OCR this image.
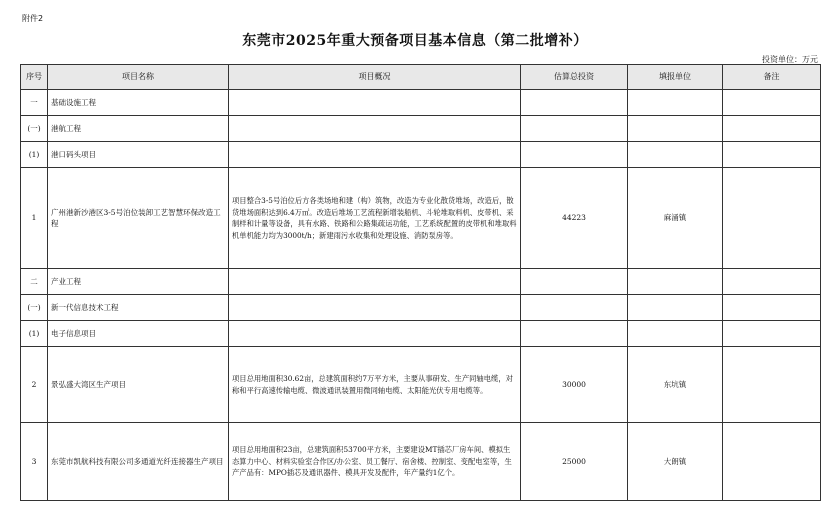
附件2
东莞市2025年重大预备项目基本信息（第二批增补）
投资单位：万元
序号	项目名称	项目概况	估算总投资	填报单位	备注
一	基础设施工程				
(一)	港航工程				
(1)	港口码头项目				
1	广州港新沙港区3-5号泊位装卸工艺智慧环保改造工程	项目整合3-5号泊位后方各类场地和建（构）筑物，改造为专业化散货堆场，改造后，散货堆场面积达到6.4万㎡。改造后堆场工艺流程新增装船机、斗轮堆取料机、皮带机、采制样和计量等设备，具有水路、铁路和公路集疏运功能，工艺系统配置的皮带机和堆取料机单机能力均为3000t/h；新建雨污水收集和处理设施、消防泵房等。	44223	麻涌镇	
二	产业工程				
(一)	新一代信息技术工程				
(1)	电子信息项目				
2	景弘盛大湾区生产项目	项目总用地面积30.62亩，总建筑面积约7万平方米，主要从事研发、生产同轴电缆，对称和平行高速传输电缆、微波通讯装置用微同轴电缆、太阳能光伏专用电缆等。	30000	东坑镇	
3	东莞市凯航科技有限公司多通道光纤连接器生产项目	项目总用地面积23亩，总建筑面积53700平方米，主要建设MT插芯厂房车间、模拟生态算力中心、材料实验室合作区/办公室、员工餐厅、宿舍楼、控制室、变配电室等，生产产品有：MPO插芯及通讯器件、模具开发及配件，年产量约1亿个。	25000	大朗镇	
